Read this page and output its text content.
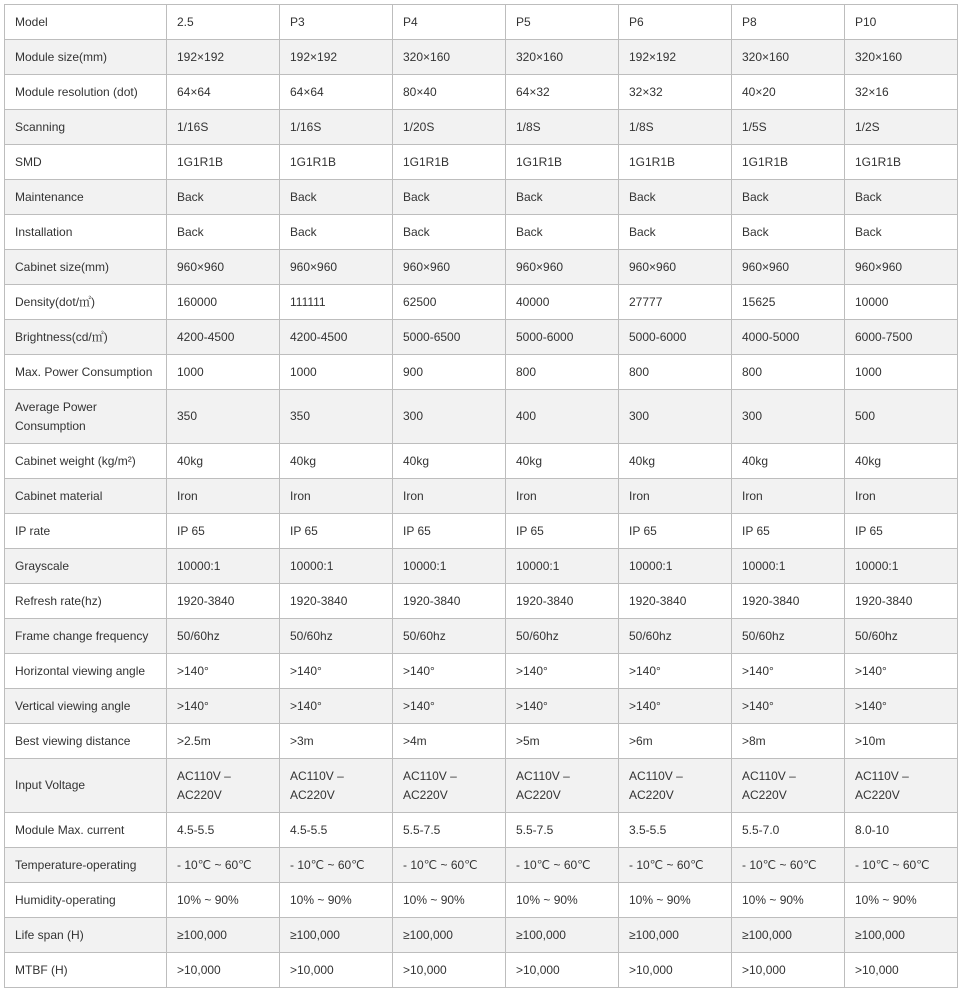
Model	2.5	P3	P4	P5	P6	P8	P10
Module size(mm)	192×192	192×192	320×160	320×160	192×192	320×160	320×160
Module resolution (dot)	64×64	64×64	80×40	64×32	32×32	40×20	32×16
Scanning	1/16S	1/16S	1/20S	1/8S	1/8S	1/5S	1/2S
SMD	1G1R1B	1G1R1B	1G1R1B	1G1R1B	1G1R1B	1G1R1B	1G1R1B
Maintenance	Back	Back	Back	Back	Back	Back	Back
Installation	Back	Back	Back	Back	Back	Back	Back
Cabinet size(mm)	960×960	960×960	960×960	960×960	960×960	960×960	960×960
Density(dot/㎡)	160000	111111	62500	40000	27777	15625	10000
Brightness(cd/㎡)	4200-4500	4200-4500	5000-6500	5000-6000	5000-6000	4000-5000	6000-7500
Max. Power Consumption	1000	1000	900	800	800	800	1000
Average Power Consumption	350	350	300	400	300	300	500
Cabinet weight (kg/m²)	40kg	40kg	40kg	40kg	40kg	40kg	40kg
Cabinet material	Iron	Iron	Iron	Iron	Iron	Iron	Iron
IP rate	IP 65	IP 65	IP 65	IP 65	IP 65	IP 65	IP 65
Grayscale	10000:1	10000:1	10000:1	10000:1	10000:1	10000:1	10000:1
Refresh rate(hz)	1920-3840	1920-3840	1920-3840	1920-3840	1920-3840	1920-3840	1920-3840
Frame change frequency	50/60hz	50/60hz	50/60hz	50/60hz	50/60hz	50/60hz	50/60hz
Horizontal viewing angle	>140°	>140°	>140°	>140°	>140°	>140°	>140°
Vertical viewing angle	>140°	>140°	>140°	>140°	>140°	>140°	>140°
Best viewing distance	>2.5m	>3m	>4m	>5m	>6m	>8m	>10m
Input Voltage	AC110V – AC220V	AC110V – AC220V	AC110V – AC220V	AC110V – AC220V	AC110V – AC220V	AC110V – AC220V	AC110V – AC220V
Module Max. current	4.5-5.5	4.5-5.5	5.5-7.5	5.5-7.5	3.5-5.5	5.5-7.0	8.0-10
Temperature-operating	- 10℃ ~ 60℃	- 10℃ ~ 60℃	- 10℃ ~ 60℃	- 10℃ ~ 60℃	- 10℃ ~ 60℃	- 10℃ ~ 60℃	- 10℃ ~ 60℃
Humidity-operating	10% ~ 90%	10% ~ 90%	10% ~ 90%	10% ~ 90%	10% ~ 90%	10% ~ 90%	10% ~ 90%
Life span (H)	≥100,000	≥100,000	≥100,000	≥100,000	≥100,000	≥100,000	≥100,000
MTBF (H)	>10,000	>10,000	>10,000	>10,000	>10,000	>10,000	>10,000
